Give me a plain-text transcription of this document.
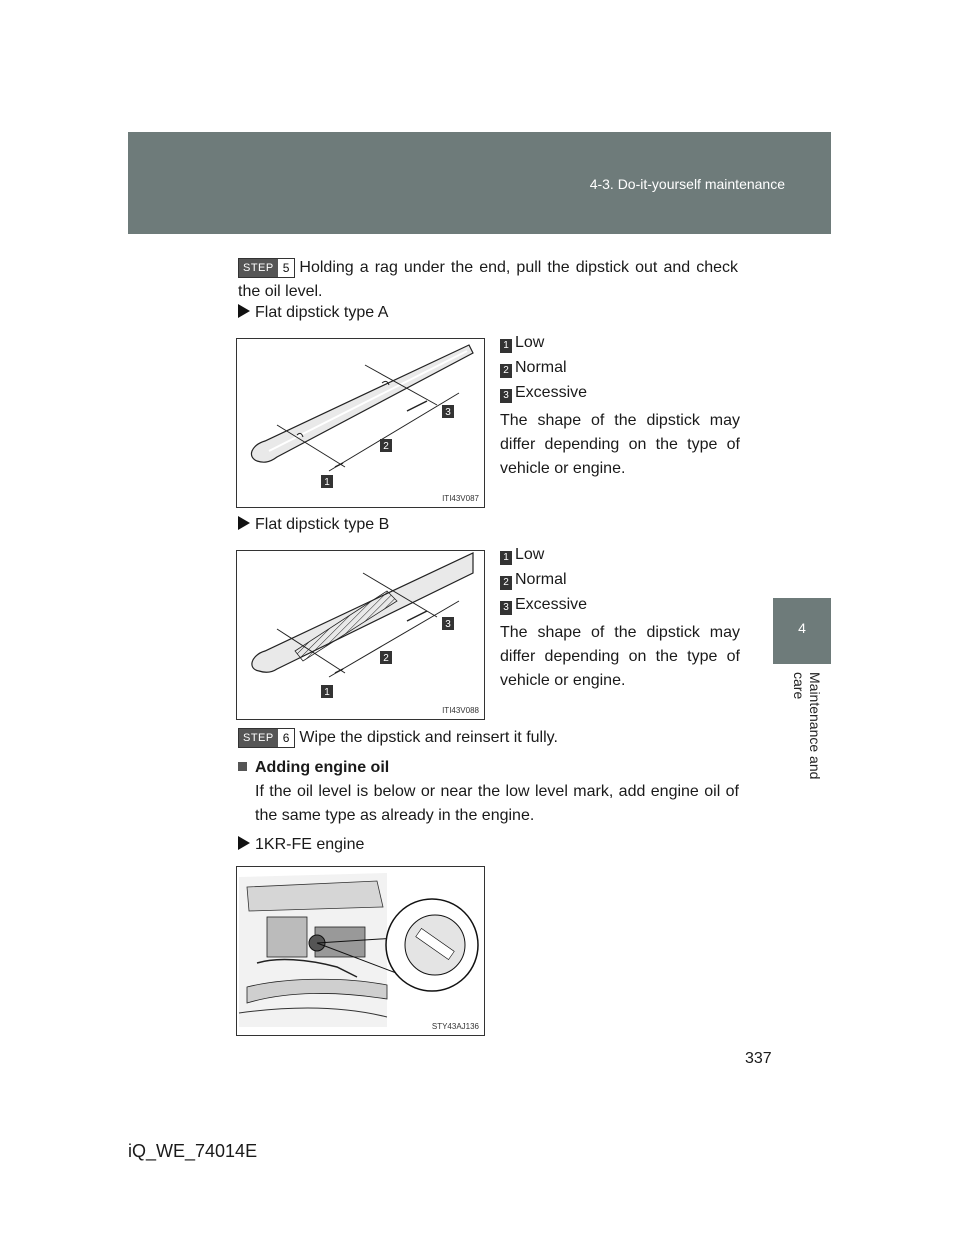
4-3. Do-it-yourself maintenance
4
Maintenance and care
STEP 5 Holding a rag under the end, pull the dipstick out and check the oil level.
Flat dipstick type A
1
2
3
ITI43V087
1 Low
2 Normal
3 Excessive
The shape of the dipstick may differ depending on the type of vehicle or engine.
Flat dipstick type B
1
2
3
ITI43V088
1 Low
2 Normal
3 Excessive
The shape of the dipstick may differ depending on the type of vehicle or engine.
STEP 6 Wipe the dipstick and reinsert it fully.
Adding engine oil
If the oil level is below or near the low level mark, add engine oil of the same type as already in the engine.
1KR-FE engine
STY43AJ136
337
iQ_WE_74014E
